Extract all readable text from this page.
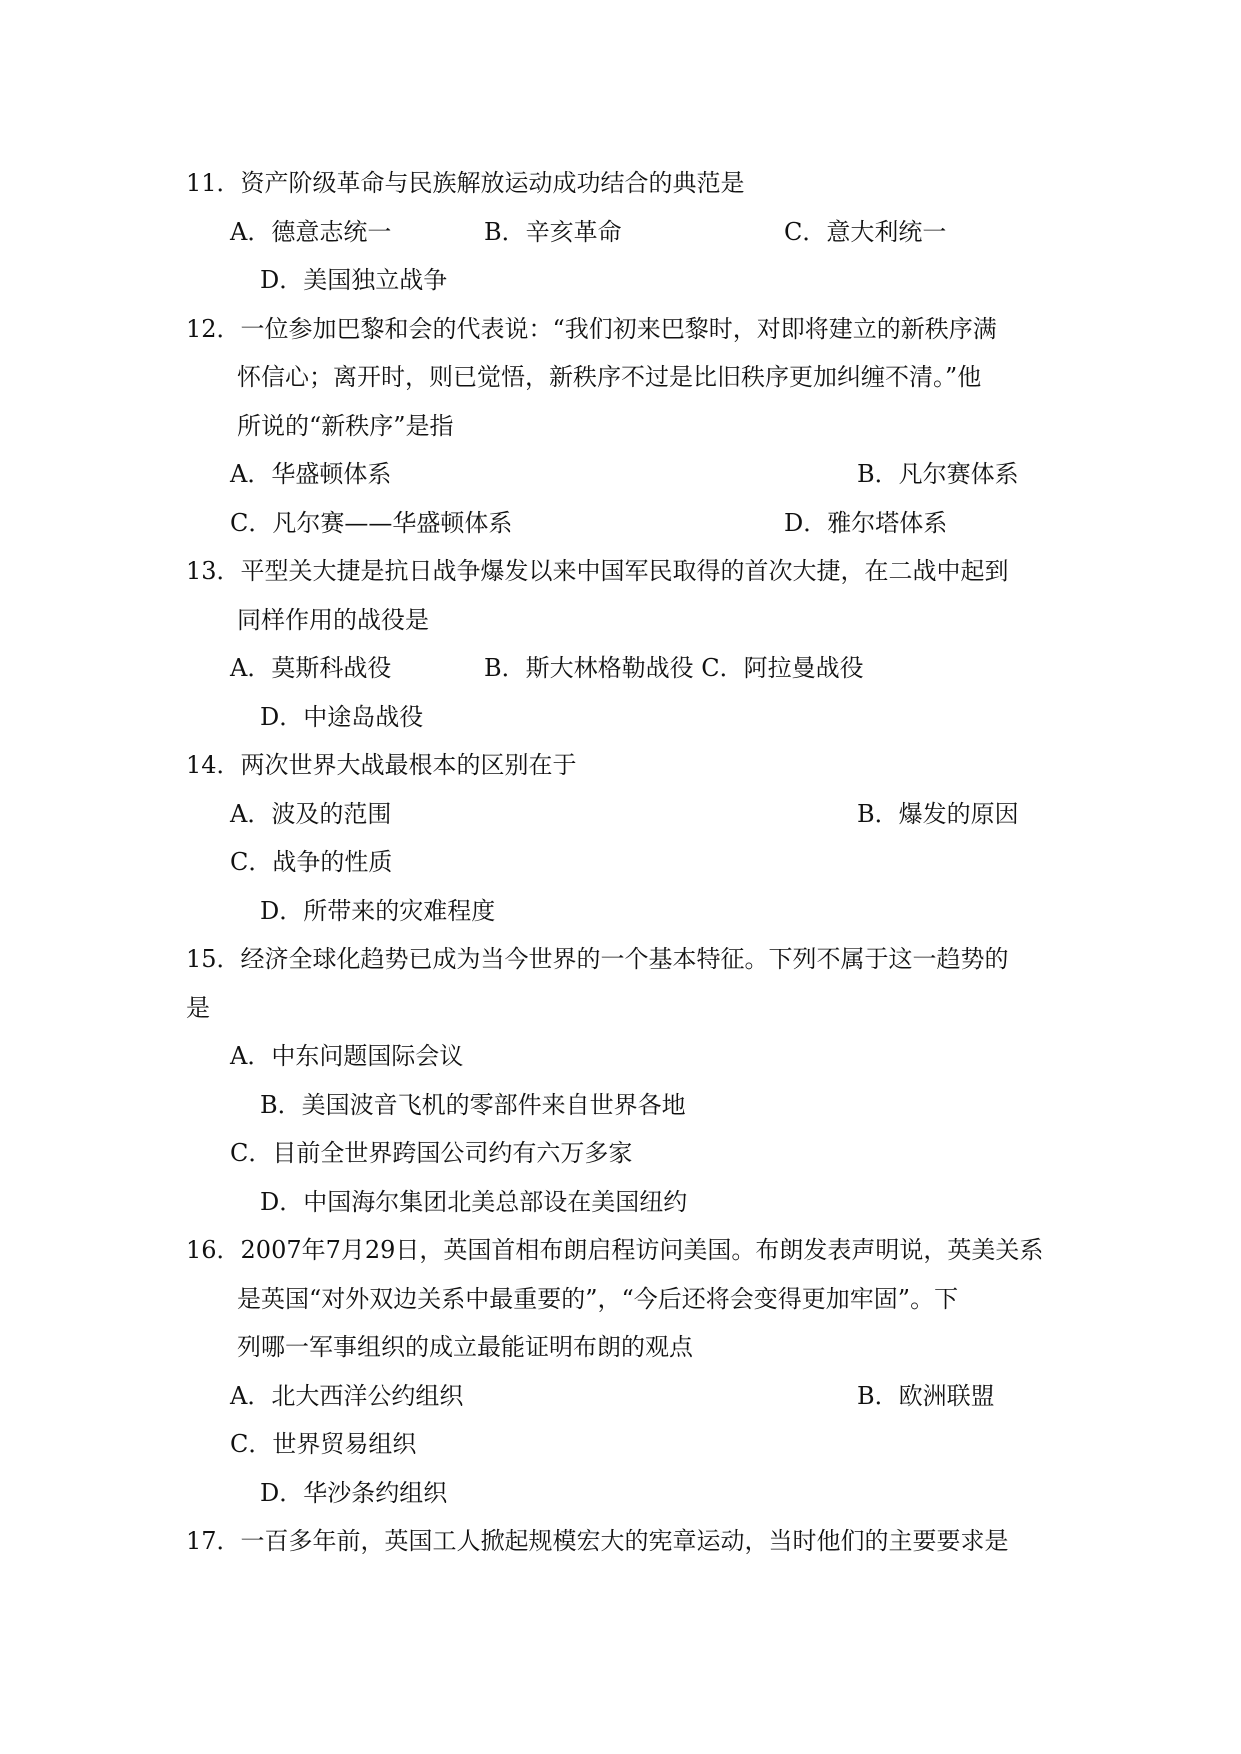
11．资产阶级革命与民族解放运动成功结合的典范是
A．德意志统一	B．辛亥革命	C．意大利统一
D．美国独立战争
12．一位参加巴黎和会的代表说：“我们初来巴黎时，对即将建立的新秩序满
怀信心；离开时，则已觉悟，新秩序不过是比旧秩序更加纠缠不清。”他
所说的“新秩序”是指
A．华盛顿体系	B．凡尔赛体系
C．凡尔赛——华盛顿体系	D．雅尔塔体系
13．平型关大捷是抗日战争爆发以来中国军民取得的首次大捷，在二战中起到
同样作用的战役是
A．莫斯科战役	B．斯大林格勒战役 C．阿拉曼战役
D．中途岛战役
14．两次世界大战最根本的区别在于
A．波及的范围	B．爆发的原因
C．战争的性质
D．所带来的灾难程度
15．经济全球化趋势已成为当今世界的一个基本特征。下列不属于这一趋势的
是
A．中东问题国际会议
B．美国波音飞机的零部件来自世界各地
C．目前全世界跨国公司约有六万多家
D．中国海尔集团北美总部设在美国纽约
16．2007年7月29日，英国首相布朗启程访问美国。布朗发表声明说，英美关系
是英国“对外双边关系中最重要的”，“今后还将会变得更加牢固”。下
列哪一军事组织的成立最能证明布朗的观点
A．北大西洋公约组织	B．欧洲联盟
C．世界贸易组织
D．华沙条约组织
17．一百多年前，英国工人掀起规模宏大的宪章运动，当时他们的主要要求是
